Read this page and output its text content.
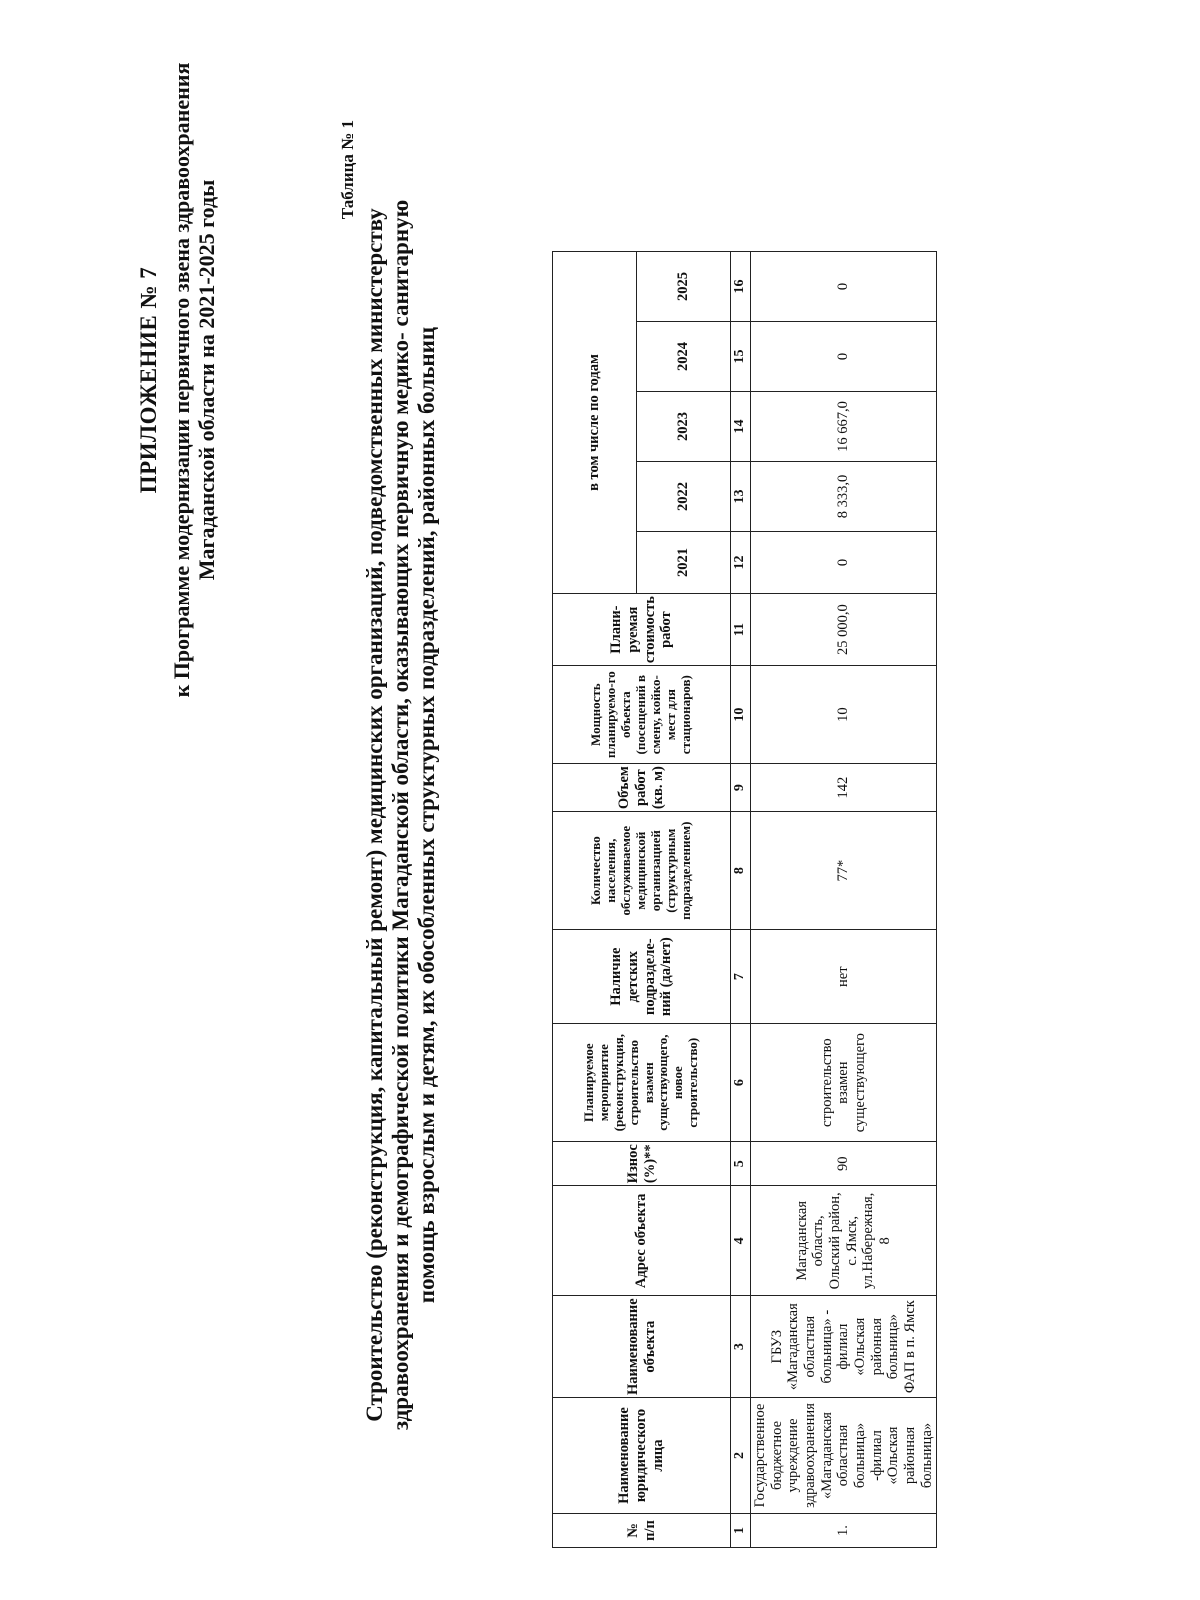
ПРИЛОЖЕНИЕ № 7 к Программе модернизации первичного звена здравоохранения Магаданской области на 2021-2025 годы
Таблица № 1
Строительство (реконструкция, капитальный ремонт) медицинских организаций, подведомственных министерству здравоохранения и демографической политики Магаданской области, оказывающих первичную медико- санитарную помощь взрослым и детям, их обособленных структурных подразделений, районных больниц
№ п/п	Наименование юридического лица	Наименование объекта	Адрес объекта	Износ (%)**	Планируемое мероприятие (реконструкция, строительство взамен существующего, новое строительство)	Наличие детских подразделе-ний (да/нет)	Количество населения, обслуживаемое медицинской организацией (структурным подразделением)	Объем работ (кв. м)	Мощность планируемо-го объекта (посещений в смену, койко-мест для стационаров)	Плани-руемая стоимость работ	в том числе по годам				
											2021	2022	2023	2024	2025
1	2	3	4	5	6	7	8	9	10	11	12	13	14	15	16
1.	Государственное бюджетное учреждение здравоохранения «Магаданская областная больница» -филиал «Ольская районная больница»	ГБУЗ «Магаданская областная больница» - филиал «Ольская районная больница» ФАП в п. Ямск	Магаданская область, Ольский район, с. Ямск, ул.Набережная, 8	90	строительство взамен существующего	нет	77*	142	10	25 000,0	0	8 333,0	16 667,0	0	0
